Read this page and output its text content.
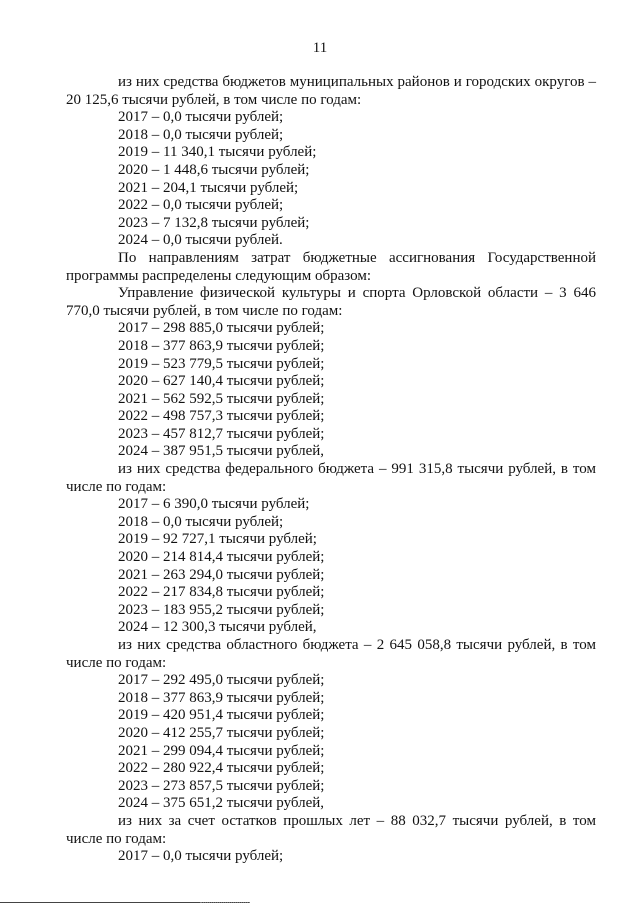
11
из них средства бюджетов муниципальных районов и городских округов – 20 125,6 тысячи рублей, в том числе по годам:
2017 – 0,0 тысячи рублей;
2018 – 0,0 тысячи рублей;
2019 – 11 340,1 тысячи рублей;
2020 – 1 448,6 тысячи рублей;
2021 – 204,1 тысячи рублей;
2022 – 0,0 тысячи рублей;
2023 – 7 132,8 тысячи рублей;
2024 – 0,0 тысячи рублей.
По направлениям затрат бюджетные ассигнования Государственной программы распределены следующим образом:
Управление физической культуры и спорта Орловской области – 3 646 770,0 тысячи рублей, в том числе по годам:
2017 – 298 885,0 тысячи рублей;
2018 – 377 863,9 тысячи рублей;
2019 – 523 779,5 тысячи рублей;
2020 – 627 140,4 тысячи рублей;
2021 – 562 592,5 тысячи рублей;
2022 – 498 757,3 тысячи рублей;
2023 – 457 812,7 тысячи рублей;
2024 – 387 951,5 тысячи рублей,
из них средства федерального бюджета – 991 315,8 тысячи рублей, в том числе по годам:
2017 – 6 390,0 тысячи рублей;
2018 – 0,0 тысячи рублей;
2019 – 92 727,1 тысячи рублей;
2020 – 214 814,4 тысячи рублей;
2021 – 263 294,0 тысячи рублей;
2022 – 217 834,8 тысячи рублей;
2023 – 183 955,2 тысячи рублей;
2024 – 12 300,3 тысячи рублей,
из них средства областного бюджета – 2 645 058,8 тысячи рублей, в том числе по годам:
2017 – 292 495,0 тысячи рублей;
2018 – 377 863,9 тысячи рублей;
2019 – 420 951,4 тысячи рублей;
2020 – 412 255,7 тысячи рублей;
2021 – 299 094,4 тысячи рублей;
2022 – 280 922,4 тысячи рублей;
2023 – 273 857,5 тысячи рублей;
2024 – 375 651,2 тысячи рублей,
из них за счет остатков прошлых лет – 88 032,7 тысячи рублей, в том числе по годам:
2017 – 0,0 тысячи рублей;
